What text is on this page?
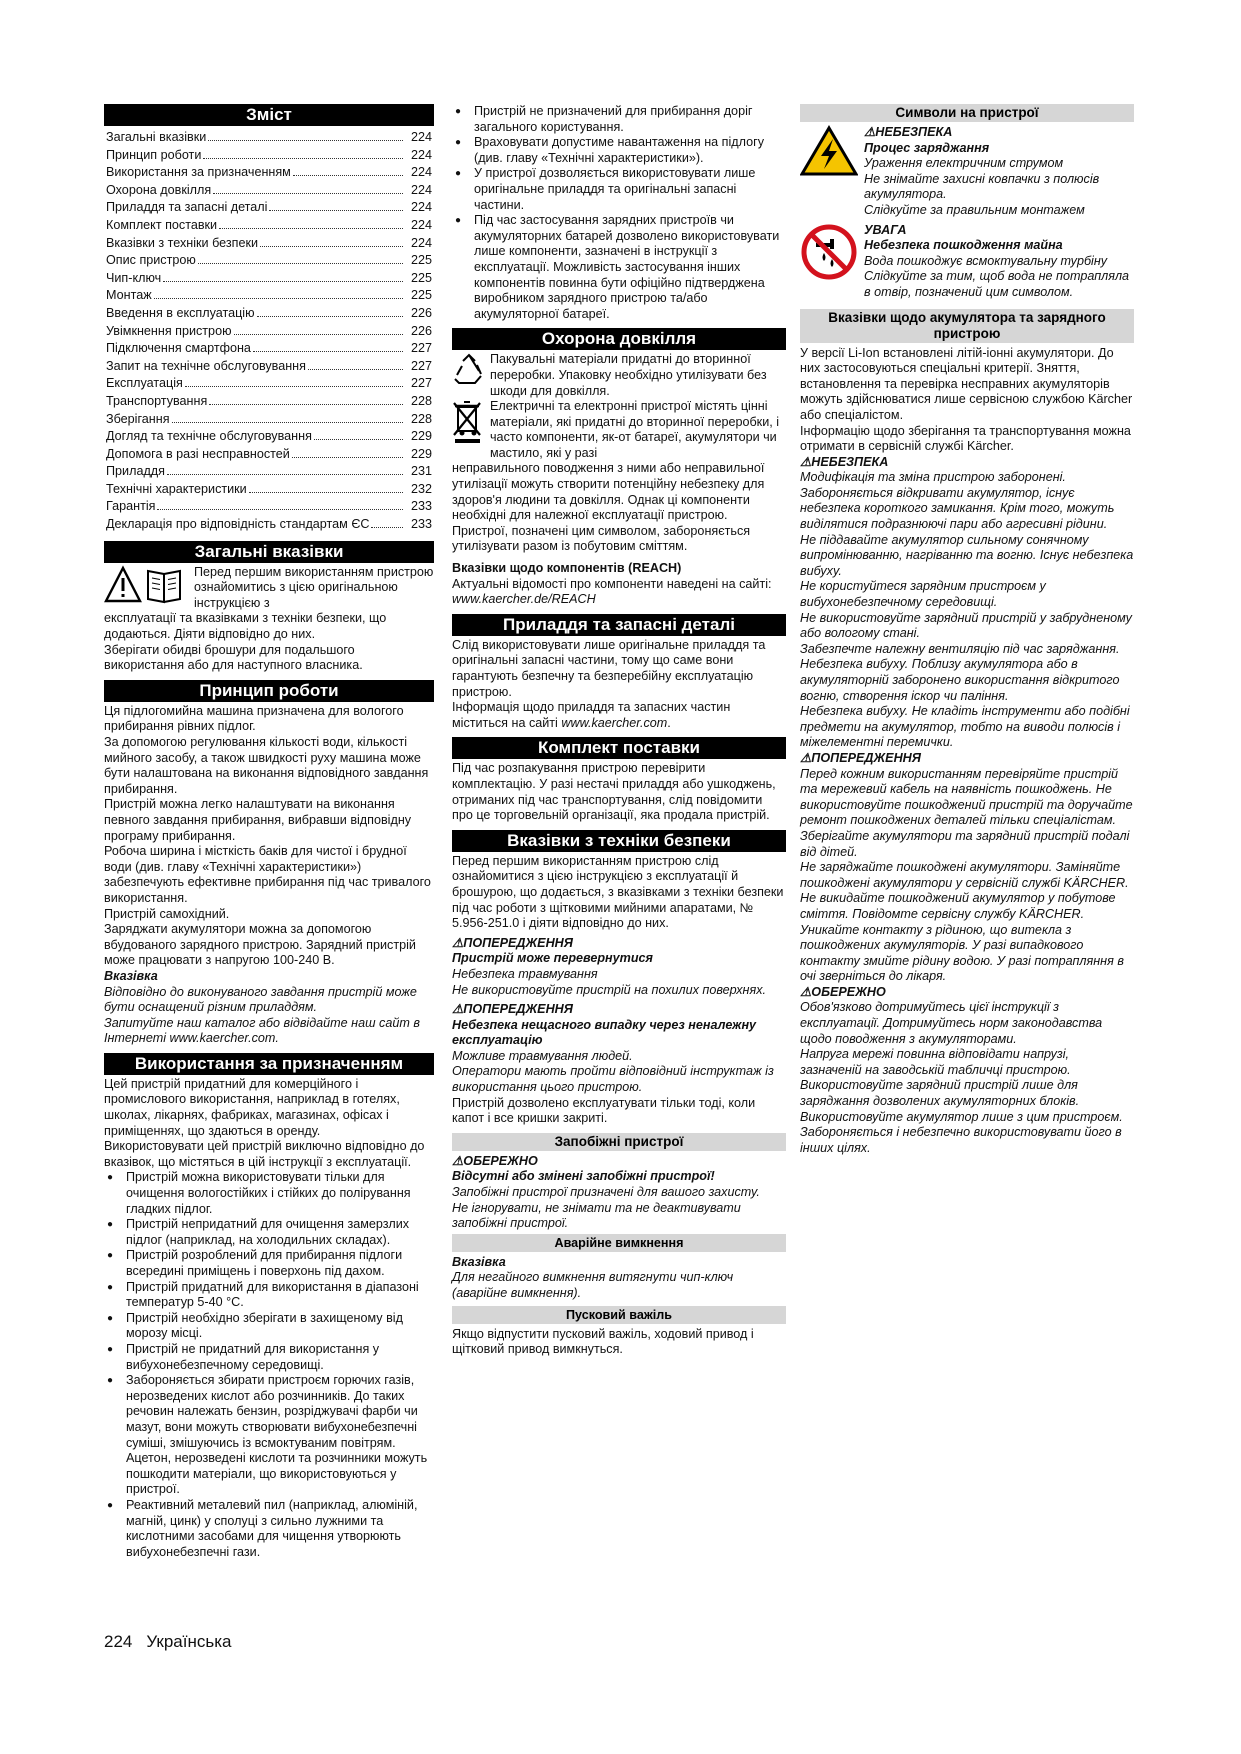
Зміст
Загальні вказівки	224
Принцип роботи	224
Використання за призначенням	224
Охорона довкілля	224
Приладдя та запасні деталі	224
Комплект поставки	224
Вказівки з техніки безпеки	224
Опис пристрою	225
Чип-ключ	225
Монтаж	225
Введення в експлуатацію	226
Увімкнення пристрою	226
Підключення смартфона	227
Запит на технічне обслуговування	227
Експлуатація	227
Транспортування	228
Зберігання	228
Догляд та технічне обслуговування	229
Допомога в разі несправностей	229
Приладдя	231
Технічні характеристики	232
Гарантія	233
Декларація про відповідність стандартам ЄС	233
Загальні вказівки

Перед першим використанням пристрою ознайомитись з цією оригінальною інструкцією з

експлуатації та вказівками з техніки безпеки, що додаються. Діяти відповідно до них.

Зберігати обидві брошури для подальшого використання або для наступного власника.

Принцип роботи

Ця підлогомийна машина призначена для вологого прибирання рівних підлог.

За допомогою регулювання кількості води, кількості мийного засобу, а також швидкості руху машина може бути налаштована на виконання відповідного завдання прибирання.

Пристрій можна легко налаштувати на виконання певного завдання прибирання, вибравши відповідну програму прибирання.

Робоча ширина і місткість баків для чистої і брудної води (див. главу «Технічні характеристики») забезпечують ефективне прибирання під час тривалого використання.

Пристрій самохідний.

Заряджати акумулятори можна за допомогою вбудованого зарядного пристрою. Зарядний пристрій може працювати з напругою 100-240 В.

Вказівка

Відповідно до виконуваного завдання пристрій може бути оснащений різним приладдям.

Запитуйте наш каталог або відвідайте наш сайт в Інтернеті www.kaercher.com.

Використання за призначенням

Цей пристрій придатний для комерційного і промислового використання, наприклад в готелях, школах, лікарнях, фабриках, магазинах, офісах і приміщеннях, що здаються в оренду.

Використовувати цей пристрій виключно відповідно до вказівок, що містяться в цій інструкції з експлуатації.

● Пристрій можна використовувати тільки для очищення вологостійких і стійких до полірування гладких підлог.
● Пристрій непридатний для очищення замерзлих підлог (наприклад, на холодильних складах).
● Пристрій розроблений для прибирання підлоги всередині приміщень і поверхонь під дахом.
● Пристрій придатний для використання в діапазоні температур 5-40 °C.
● Пристрій необхідно зберігати в захищеному від морозу місці.
● Пристрій не придатний для використання у вибухонебезпечному середовищі.
● Забороняється збирати пристроєм горючих газів, нерозведених кислот або розчинників. До таких речовин належать бензин, розріджувачі фарби чи мазут, вони можуть створювати вибухонебезпечні суміші, змішуючись із всмоктуваним повітрям. Ацетон, нерозведені кислоти та розчинники можуть пошкодити матеріали, що використовуються у пристрої.
● Реактивний металевий пил (наприклад, алюміній, магній, цинк) у сполуці з сильно лужними та кислотними засобами для чищення утворюють вибухонебезпечні гази.
● Пристрій не призначений для прибирання доріг загального користування.
● Враховувати допустиме навантаження на підлогу (див. главу «Технічні характеристики»).
● У пристрої дозволяється використовувати лише оригінальне приладдя та оригінальні запасні частини.
● Під час застосування зарядних пристроїв чи акумуляторних батарей дозволено використовувати лише компоненти, зазначені в інструкції з експлуатації. Можливість застосування інших компонентів повинна бути офіційно підтверджена виробником зарядного пристрою та/або акумуляторної батареї.
Охорона довкілля

Пакувальні матеріали придатні до вторинної переробки. Упаковку необхідно утилізувати без шкоди для довкілля.

Електричні та електронні пристрої містять цінні матеріали, які придатні до вторинної переробки, і часто компоненти, як-от батареї, акумулятори чи мастило, які у разі

неправильного поводження з ними або неправильної утилізації можуть створити потенційну небезпеку для здоров'я людини та довкілля. Однак ці компоненти необхідні для належної експлуатації пристрою. Пристрої, позначені цим символом, забороняється утилізувати разом із побутовим сміттям.

Вказівки щодо компонентів (REACH)

Актуальні відомості про компоненти наведені на сайті: www.kaercher.de/REACH

Приладдя та запасні деталі

Слід використовувати лише оригінальне приладдя та оригінальні запасні частини, тому що саме вони гарантують безпечну та безперебійну експлуатацію пристрою.

Інформація щодо приладдя та запасних частин міститься на сайті www.kaercher.com.

Комплект поставки

Під час розпакування пристрою перевірити комплектацію. У разі нестачі приладдя або ушкоджень, отриманих під час транспортування, слід повідомити про це торговельній організації, яка продала пристрій.

Вказівки з техніки безпеки

Перед першим використанням пристрою слід ознайомитися з цією інструкцією з експлуатації й брошурою, що додається, з вказівками з техніки безпеки під час роботи з щітковими мийними апаратами, № 5.956-251.0 і діяти відповідно до них.

⚠ПОПЕРЕДЖЕННЯ

Пристрій може перевернутися

Небезпека травмування

Не використовуйте пристрій на похилих поверхнях.

⚠ПОПЕРЕДЖЕННЯ

Небезпека нещасного випадку через неналежну експлуатацію

Можливе травмування людей.

Оператори мають пройти відповідний інструктаж із використання цього пристрою.

Пристрій дозволено експлуатувати тільки тоді, коли капот і все кришки закриті.

Запобіжні пристрої

⚠ОБЕРЕЖНО

Відсутні або змінені запобіжні пристрої!

Запобіжні пристрої призначені для вашого захисту.

Не ігнорувати, не знімати та не деактивувати запобіжні пристрої.

Аварійне вимкнення

Вказівка

Для негайного вимкнення витягнути чип-ключ (аварійне вимкнення).

Пусковий важіль

Якщо відпустити пусковий важіль, ходовий привод і щітковий привод вимкнуться.

Символи на пристрої

⚠НЕБЕЗПЕКА

Процес заряджання

Ураження електричним струмом

Не знімайте захисні ковпачки з полюсів акумулятора.

Слідкуйте за правильним монтажем

УВАГА

Небезпека пошкодження майна

Вода пошкоджує всмоктувальну турбіну

Слідкуйте за тим, щоб вода не потрапляла в отвір, позначений цим символом.

Вказівки щодо акумулятора та зарядного пристрою

У версії Li-Ion встановлені літій-іонні акумулятори. До них застосовуються спеціальні критерії. Зняття, встановлення та перевірка несправних акумуляторів можуть здійснюватися лише сервісною службою Kärcher або спеціалістом.

Інформацію щодо зберігання та транспортування можна отримати в сервісній службі Kärcher.

⚠НЕБЕЗПЕКА

Модифікація та зміна пристрою заборонені. Забороняється відкривати акумулятор, існує небезпека короткого замикання. Крім того, можуть виділятися подразнюючі пари або агресивні рідини.

Не піддавайте акумулятор сильному сонячному випромінюванню, нагріванню та вогню. Існує небезпека вибуху.

Не користуйтеся зарядним пристроєм у вибухонебезпечному середовищі.

Не використовуйте зарядний пристрій у забрудненому або вологому стані.

Забезпечте належну вентиляцію під час заряджання.

Небезпека вибуху. Поблизу акумулятора або в акумуляторній заборонено використання відкритого вогню, створення іскор чи паління.

Небезпека вибуху. Не кладіть інструменти або подібні предмети на акумулятор, тобто на виводи полюсів і міжелементні перемички.

⚠ПОПЕРЕДЖЕННЯ

Перед кожним використанням перевіряйте пристрій та мережевий кабель на наявність пошкоджень. Не використовуйте пошкоджений пристрій та доручайте ремонт пошкоджених деталей тільки спеціалістам.

Зберігайте акумулятори та зарядний пристрій подалі від дітей.

Не заряджайте пошкоджені акумулятори. Заміняйте пошкоджені акумулятори у сервісній службі KÄRCHER.

Не викидайте пошкоджений акумулятор у побутове сміття. Повідомте сервісну службу KÄRCHER.

Уникайте контакту з рідиною, що витекла з пошкоджених акумуляторів. У разі випадкового контакту змийте рідину водою. У разі потрапляння в очі зверніться до лікаря.

⚠ОБЕРЕЖНО

Обов'язково дотримуйтесь цієї інструкції з експлуатації. Дотримуйтесь норм законодавства щодо поводження з акумуляторами.

Напруга мережі повинна відповідати напрузі, зазначеній на заводській табличці пристрою.

Використовуйте зарядний пристрій лише для заряджання дозволених акумуляторних блоків.

Використовуйте акумулятор лише з цим пристроєм. Забороняється і небезпечно використовувати його в інших цілях.

224 Українська
